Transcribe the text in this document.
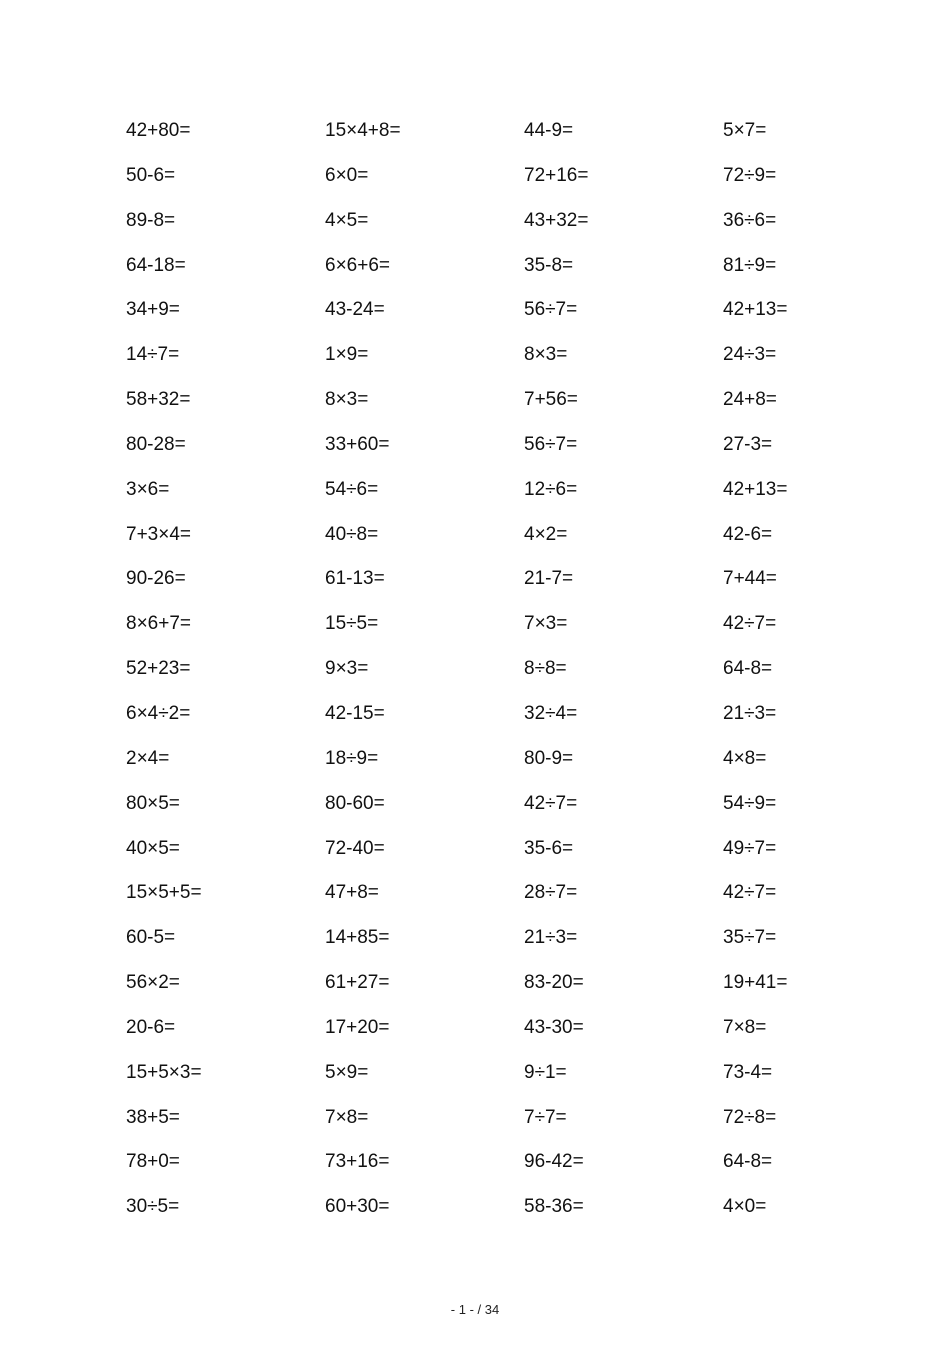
42+80=	15×4+8=	44-9=	5×7=
50-6=	6×0=	72+16=	72÷9=
89-8=	4×5=	43+32=	36÷6=
64-18=	6×6+6=	35-8=	81÷9=
34+9=	43-24=	56÷7=	42+13=
14÷7=	1×9=	8×3=	24÷3=
58+32=	8×3=	7+56=	24+8=
80-28=	33+60=	56÷7=	27-3=
3×6=	54÷6=	12÷6=	42+13=
7+3×4=	40÷8=	4×2=	42-6=
90-26=	61-13=	21-7=	7+44=
8×6+7=	15÷5=	7×3=	42÷7=
52+23=	9×3=	8÷8=	64-8=
6×4÷2=	42-15=	32÷4=	21÷3=
2×4=	18÷9=	80-9=	4×8=
80×5=	80-60=	42÷7=	54÷9=
40×5=	72-40=	35-6=	49÷7=
15×5+5=	47+8=	28÷7=	42÷7=
60-5=	14+85=	21÷3=	35÷7=
56×2=	61+27=	83-20=	19+41=
20-6=	17+20=	43-30=	7×8=
15+5×3=	5×9=	9÷1=	73-4=
38+5=	7×8=	7÷7=	72÷8=
78+0=	73+16=	96-42=	64-8=
30÷5=	60+30=	58-36=	4×0=
- 1 - / 34
